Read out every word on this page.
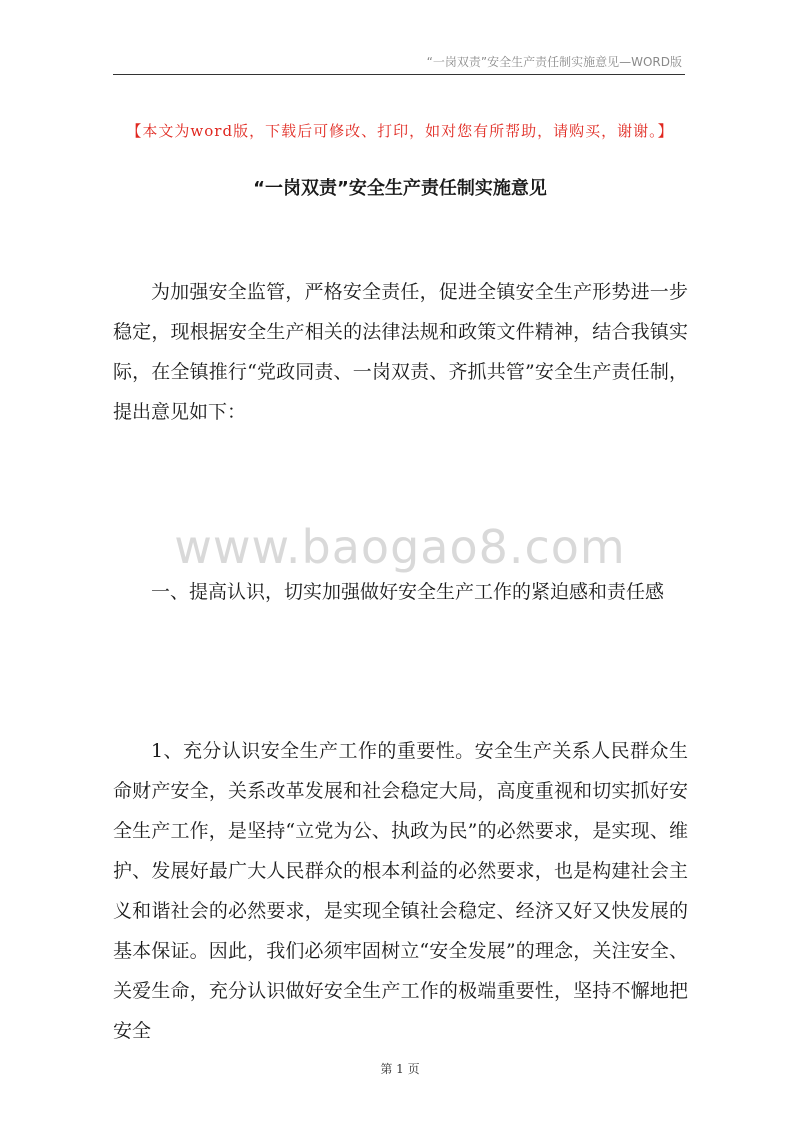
“一岗双责”安全生产责任制实施意见—WORD版
【本文为word版，下载后可修改、打印，如对您有所帮助，请购买，谢谢。】
“一岗双责”安全生产责任制实施意见

为加强安全监管，严格安全责任，促进全镇安全生产形势进一步稳定，现根据安全生产相关的法律法规和政策文件精神，结合我镇实际，在全镇推行“党政同责、一岗双责、齐抓共管”安全生产责任制，提出意见如下：

www.baogao8.com

一、提高认识，切实加强做好安全生产工作的紧迫感和责任感

1、充分认识安全生产工作的重要性。安全生产关系人民群众生命财产安全，关系改革发展和社会稳定大局，高度重视和切实抓好安全生产工作，是坚持“立党为公、执政为民”的必然要求，是实现、维护、发展好最广大人民群众的根本利益的必然要求，也是构建社会主义和谐社会的必然要求，是实现全镇社会稳定、经济又好又快发展的基本保证。因此，我们必须牢固树立“安全发展”的理念，关注安全、关爱生命，充分认识做好安全生产工作的极端重要性，坚持不懈地把安全

第 1 页
